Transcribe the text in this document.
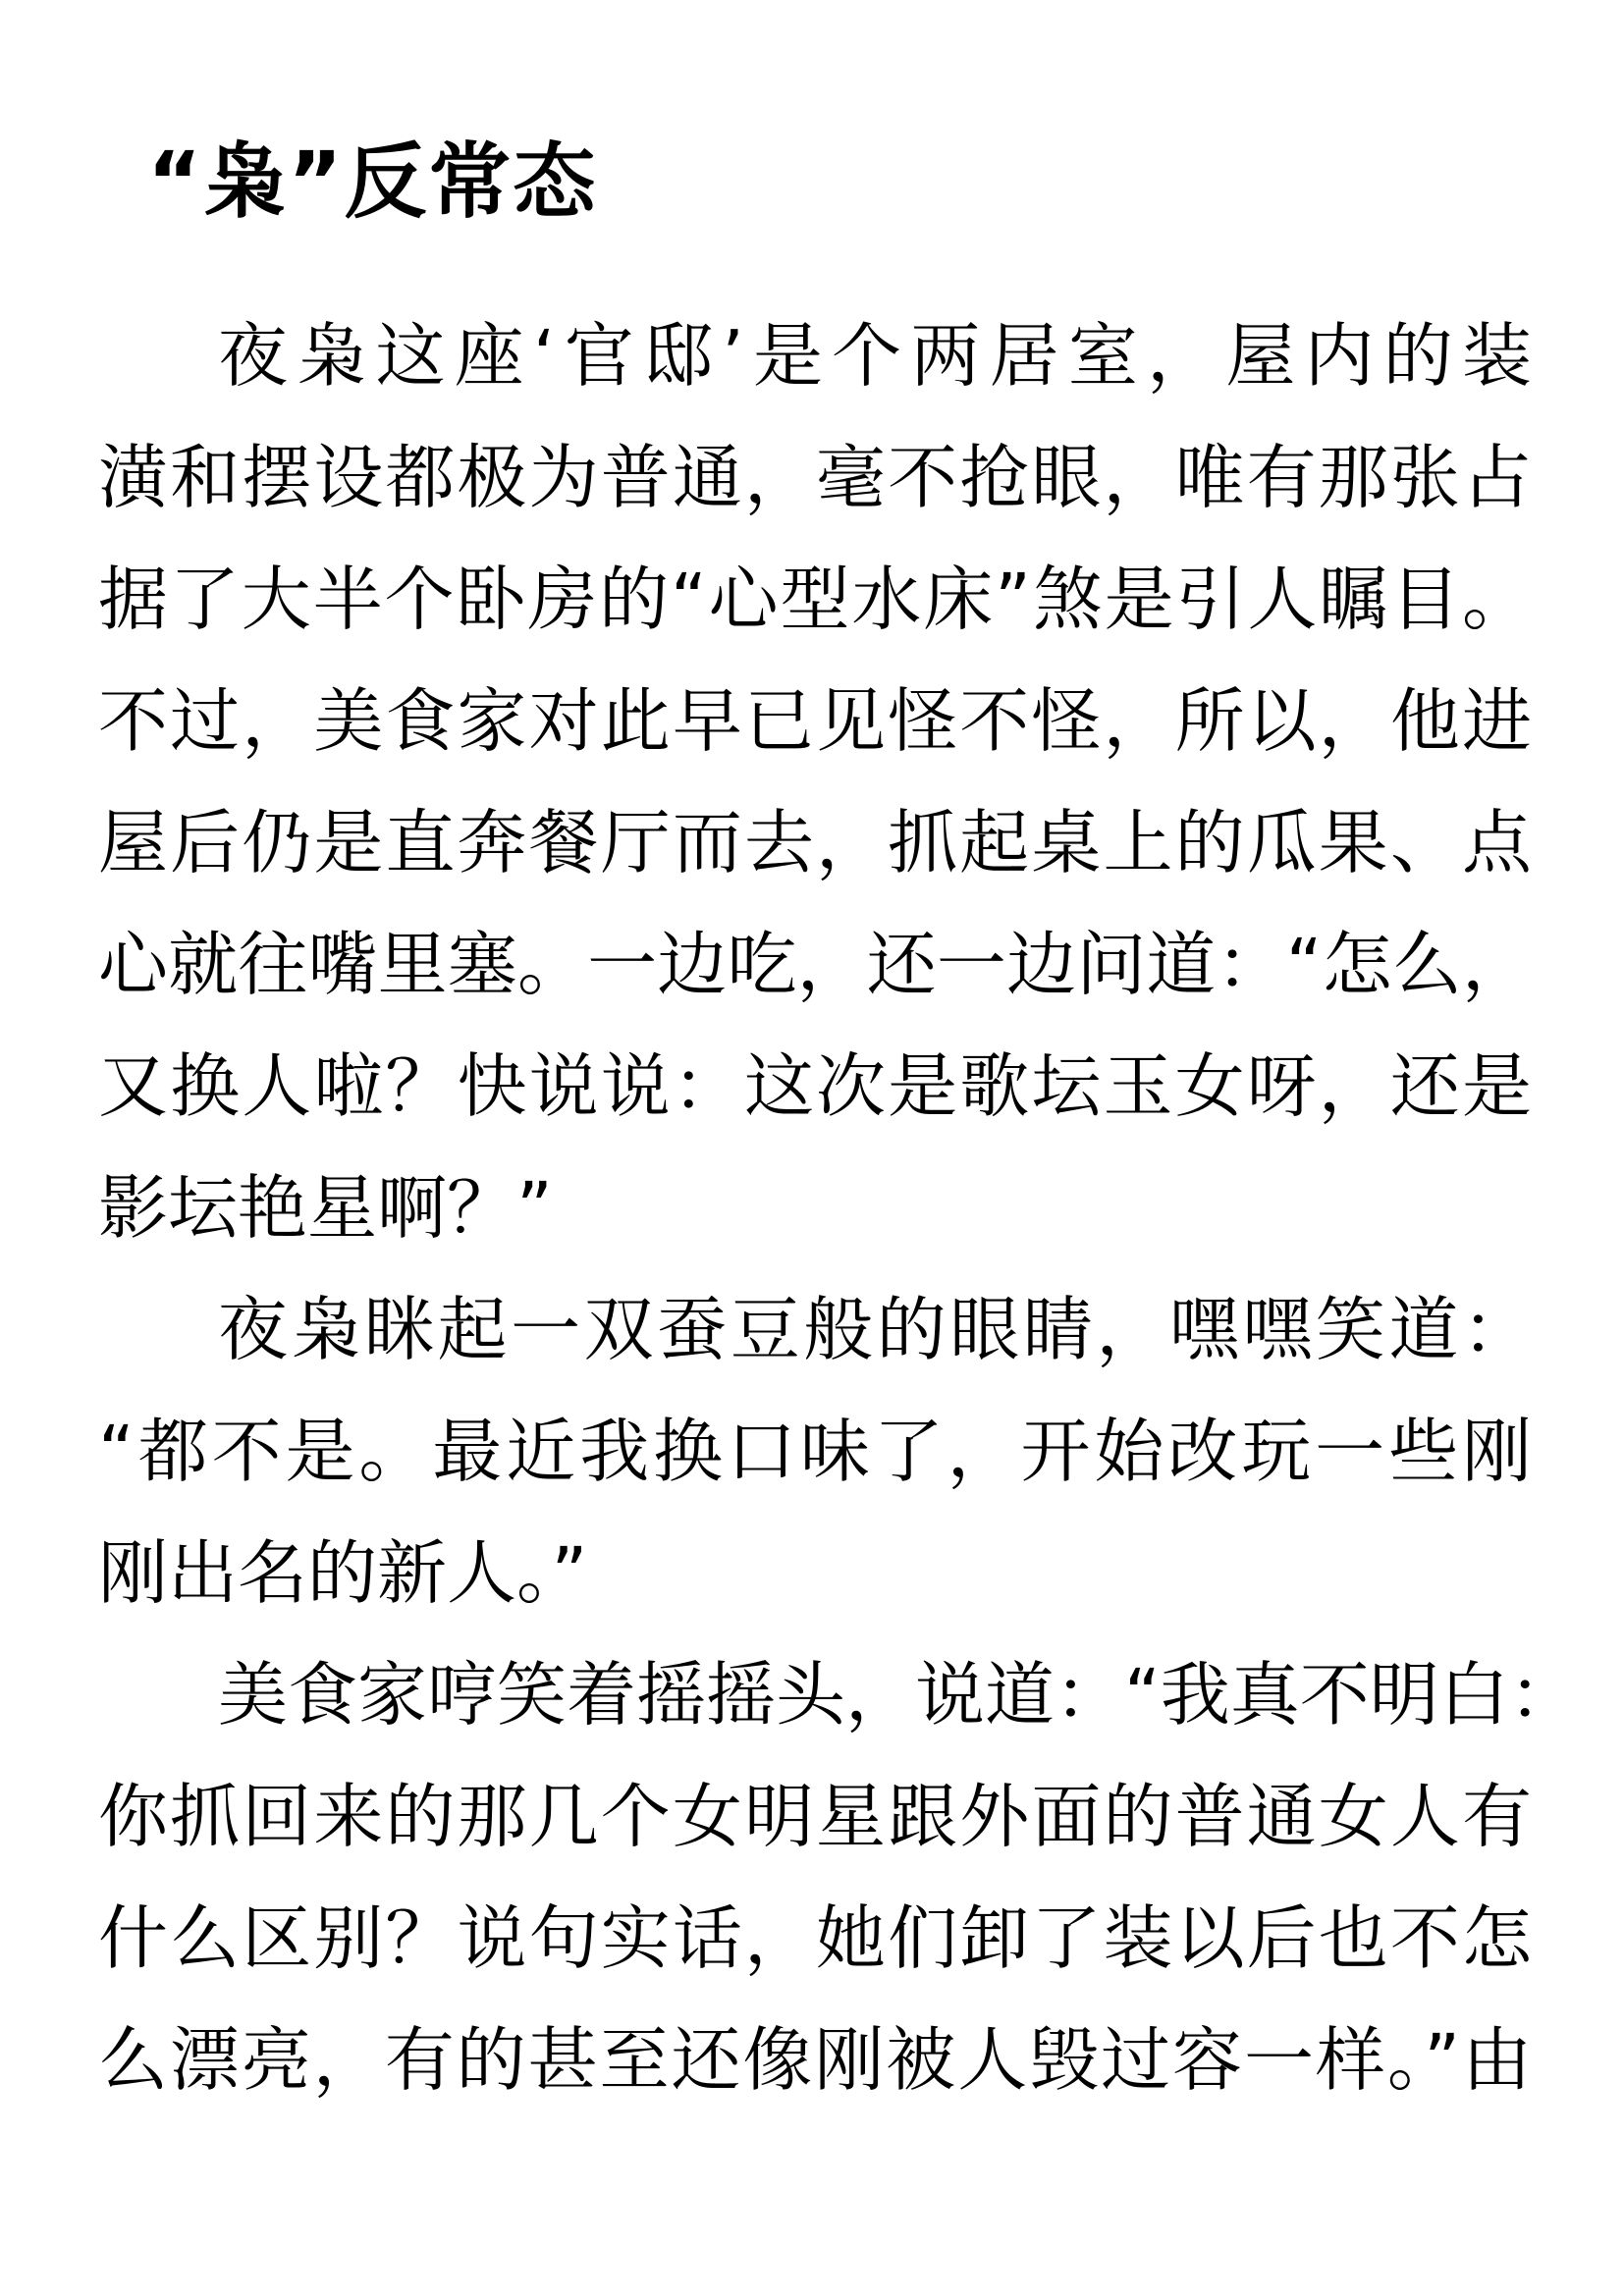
“枭”反常态
夜枭这座‘官邸’是个两居室，屋内的装
潢和摆设都极为普通，毫不抢眼，唯有那张占
据了大半个卧房的“心型水床”煞是引人瞩目。
不过，美食家对此早已见怪不怪，所以，他进
屋后仍是直奔餐厅而去，抓起桌上的瓜果、点
心就往嘴里塞。一边吃，还一边问道：“怎么，
又换人啦？快说说：这次是歌坛玉女呀，还是
影坛艳星啊？”
夜枭眯起一双蚕豆般的眼睛，嘿嘿笑道：
“都不是。最近我换口味了，开始改玩一些刚
刚出名的新人。”
美食家哼笑着摇摇头，说道：“我真不明白：
你抓回来的那几个女明星跟外面的普通女人有
什么区别？说句实话，她们卸了装以后也不怎
么漂亮，有的甚至还像刚被人毁过容一样。”由
